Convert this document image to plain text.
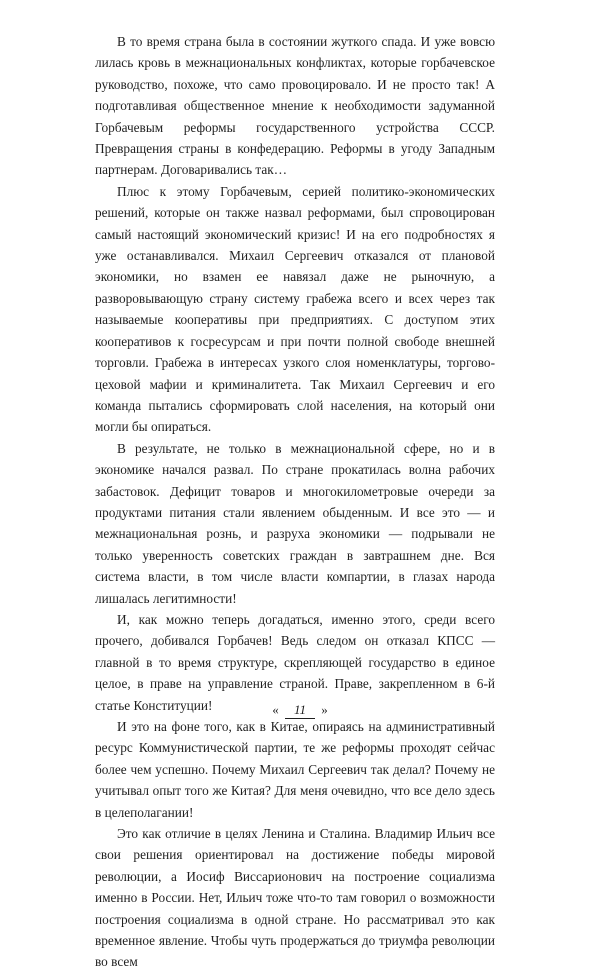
В то время страна была в состоянии жуткого спада. И уже вовсю лилась кровь в межнациональных конфликтах, которые горбачевское руководство, похоже, что само провоцировало. И не просто так! А подготавливая общественное мнение к необходимости задуманной Горбачевым реформы государственного устройства СССР. Превращения страны в конфедерацию. Реформы в угоду Западным партнерам. Договаривались так…

Плюс к этому Горбачевым, серией политико-экономических решений, которые он также назвал реформами, был спровоцирован самый настоящий экономический кризис! И на его подробностях я уже останавливался. Михаил Сергеевич отказался от плановой экономики, но взамен ее навязал даже не рыночную, а разворовывающую страну систему грабежа всего и всех через так называемые кооперативы при предприятиях. С доступом этих кооперативов к госресурсам и при почти полной свободе внешней торговли. Грабежа в интересах узкого слоя номенклатуры, торгово-цеховой мафии и криминалитета. Так Михаил Сергеевич и его команда пытались сформировать слой населения, на который они могли бы опираться.

В результате, не только в межнациональной сфере, но и в экономике начался развал. По стране прокатилась волна рабочих забастовок. Дефицит товаров и многокилометровые очереди за продуктами питания стали явлением обыденным. И все это — и межнациональная рознь, и разруха экономики — подрывали не только уверенность советских граждан в завтрашнем дне. Вся система власти, в том числе власти компартии, в глазах народа лишалась легитимности!

И, как можно теперь догадаться, именно этого, среди всего прочего, добивался Горбачев! Ведь следом он отказал КПСС — главной в то время структуре, скрепляющей государство в единое целое, в праве на управление страной. Праве, закрепленном в 6-й статье Конституции!

И это на фоне того, как в Китае, опираясь на административный ресурс Коммунистической партии, те же реформы проходят сейчас более чем успешно. Почему Михаил Сергеевич так делал? Почему не учитывал опыт того же Китая? Для меня очевидно, что все дело здесь в целеполагании!

Это как отличие в целях Ленина и Сталина. Владимир Ильич все свои решения ориентировал на достижение победы мировой революции, а Иосиф Виссарионович на построение социализма именно в России. Нет, Ильич тоже что-то там говорил о возможности построения социализма в одной стране. Но рассматривал это как временное явление. Чтобы чуть продержаться до триумфа революции во всем

« 11 »
